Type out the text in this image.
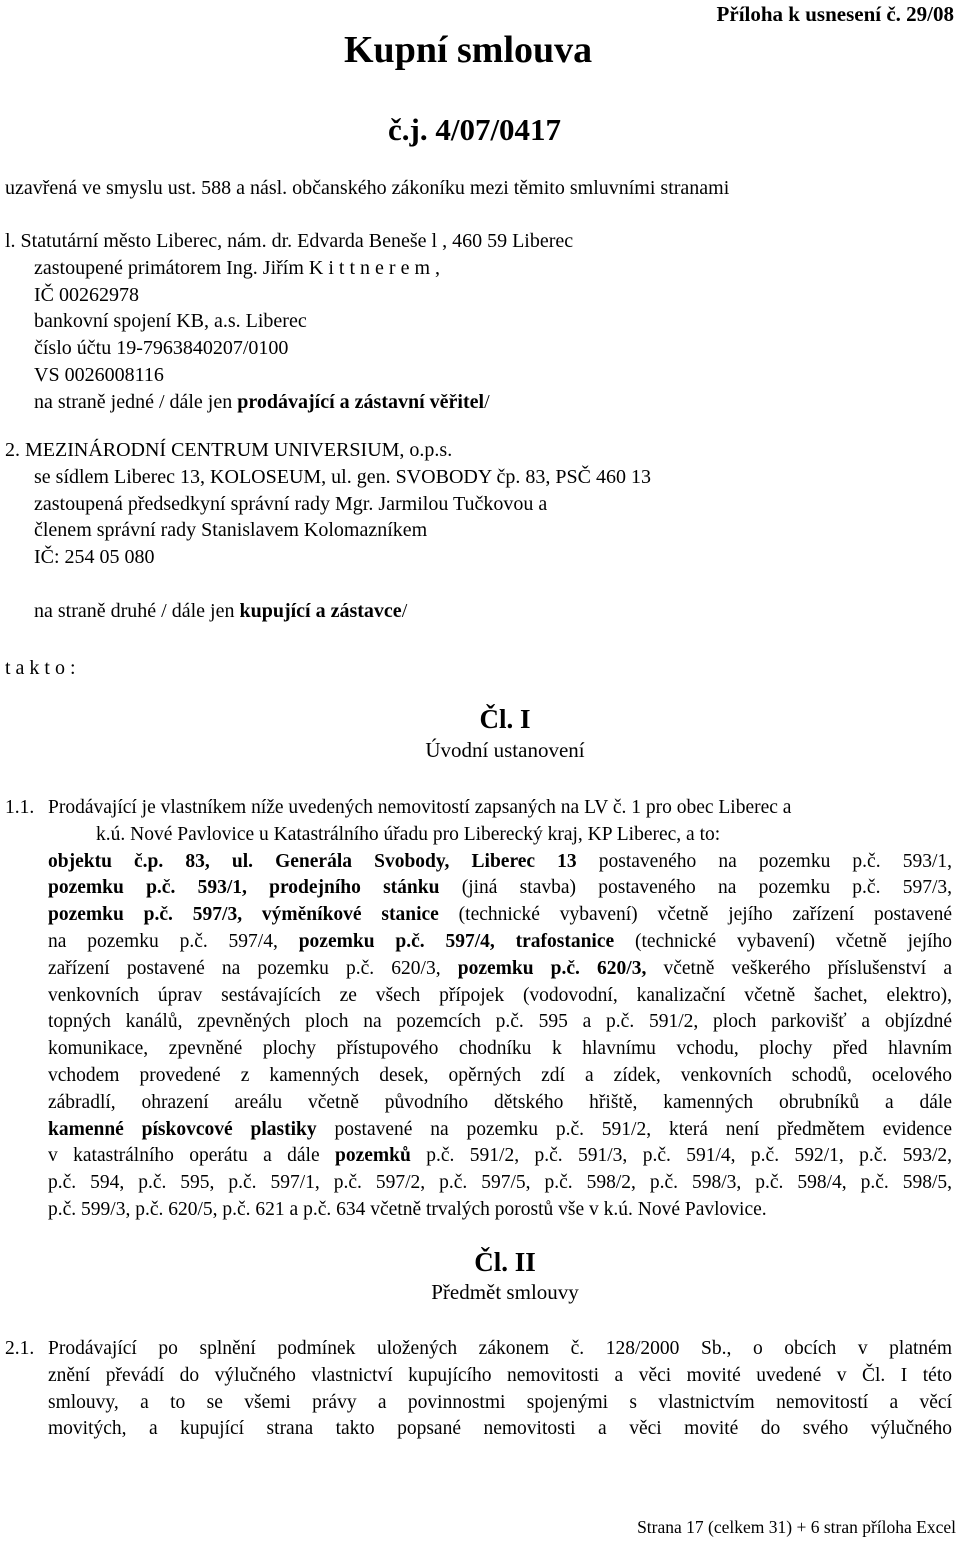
Příloha k usnesení č. 29/08
Kupní smlouva
č.j. 4/07/0417
uzavřená ve smyslu ust. 588 a násl. občanského zákoníku mezi těmito smluvními stranami
l. Statutární město Liberec, nám. dr. Edvarda Beneše l , 460 59 Liberec
zastoupené primátorem Ing. Jiřím K i t t n e r e m ,
IČ 00262978
bankovní spojení KB, a.s. Liberec
číslo účtu 19-7963840207/0100
VS 0026008116
na straně jedné / dále jen prodávající a zástavní věřitel/
2. MEZINÁRODNÍ CENTRUM UNIVERSIUM, o.p.s.
se sídlem Liberec 13, KOLOSEUM, ul. gen. SVOBODY čp. 83, PSČ 460 13
zastoupená předsedkyní správní rady Mgr. Jarmilou Tučkovou a
členem správní rady Stanislavem Kolomazníkem
IČ: 254 05 080
na straně druhé / dále jen kupující a zástavce/
t a k t o :
Čl. I
Úvodní ustanovení
1.1. Prodávající je vlastníkem níže uvedených nemovitostí zapsaných na LV č. 1 pro obec Liberec a
k.ú. Nové Pavlovice u Katastrálního úřadu pro Liberecký kraj, KP Liberec, a to:
objektu č.p. 83, ul. Generála Svobody, Liberec 13 postaveného na pozemku p.č. 593/1,
pozemku p.č. 593/1, prodejního stánku (jiná stavba) postaveného na pozemku p.č. 597/3,
pozemku p.č. 597/3, výměníkové stanice (technické vybavení) včetně jejího zařízení postavené
na pozemku p.č. 597/4, pozemku p.č. 597/4, trafostanice (technické vybavení) včetně jejího
zařízení postavené na pozemku p.č. 620/3, pozemku p.č. 620/3, včetně veškerého příslušenství a
venkovních úprav sestávajících ze všech přípojek (vodovodní, kanalizační včetně šachet, elektro),
topných kanálů, zpevněných ploch na pozemcích p.č. 595 a p.č. 591/2, ploch parkovišť a objízdné
komunikace, zpevněné plochy přístupového chodníku k hlavnímu vchodu, plochy před hlavním
vchodem provedené z kamenných desek, opěrných zdí a zídek, venkovních schodů, ocelového
zábradlí, ohrazení areálu včetně původního dětského hřiště, kamenných obrubníků a dále
kamenné pískovcové plastiky postavené na pozemku p.č. 591/2, která není předmětem evidence
v katastrálního operátu a dále pozemků p.č. 591/2, p.č. 591/3, p.č. 591/4, p.č. 592/1, p.č. 593/2,
p.č. 594, p.č. 595, p.č. 597/1, p.č. 597/2, p.č. 597/5, p.č. 598/2, p.č. 598/3, p.č. 598/4, p.č. 598/5,
p.č. 599/3, p.č. 620/5, p.č. 621 a p.č. 634 včetně trvalých porostů vše v k.ú. Nové Pavlovice.
Čl. II
Předmět smlouvy
2.1. Prodávající po splnění podmínek uložených zákonem č. 128/2000 Sb., o obcích v platném
znění převádí do výlučného vlastnictví kupujícího nemovitosti a věci movité uvedené v Čl. I této
smlouvy, a to se všemi právy a povinnostmi spojenými s vlastnictvím nemovitostí a věcí
movitých, a kupující strana takto popsané nemovitosti a věci movité do svého výlučného
Strana 17 (celkem 31) + 6 stran příloha Excel
